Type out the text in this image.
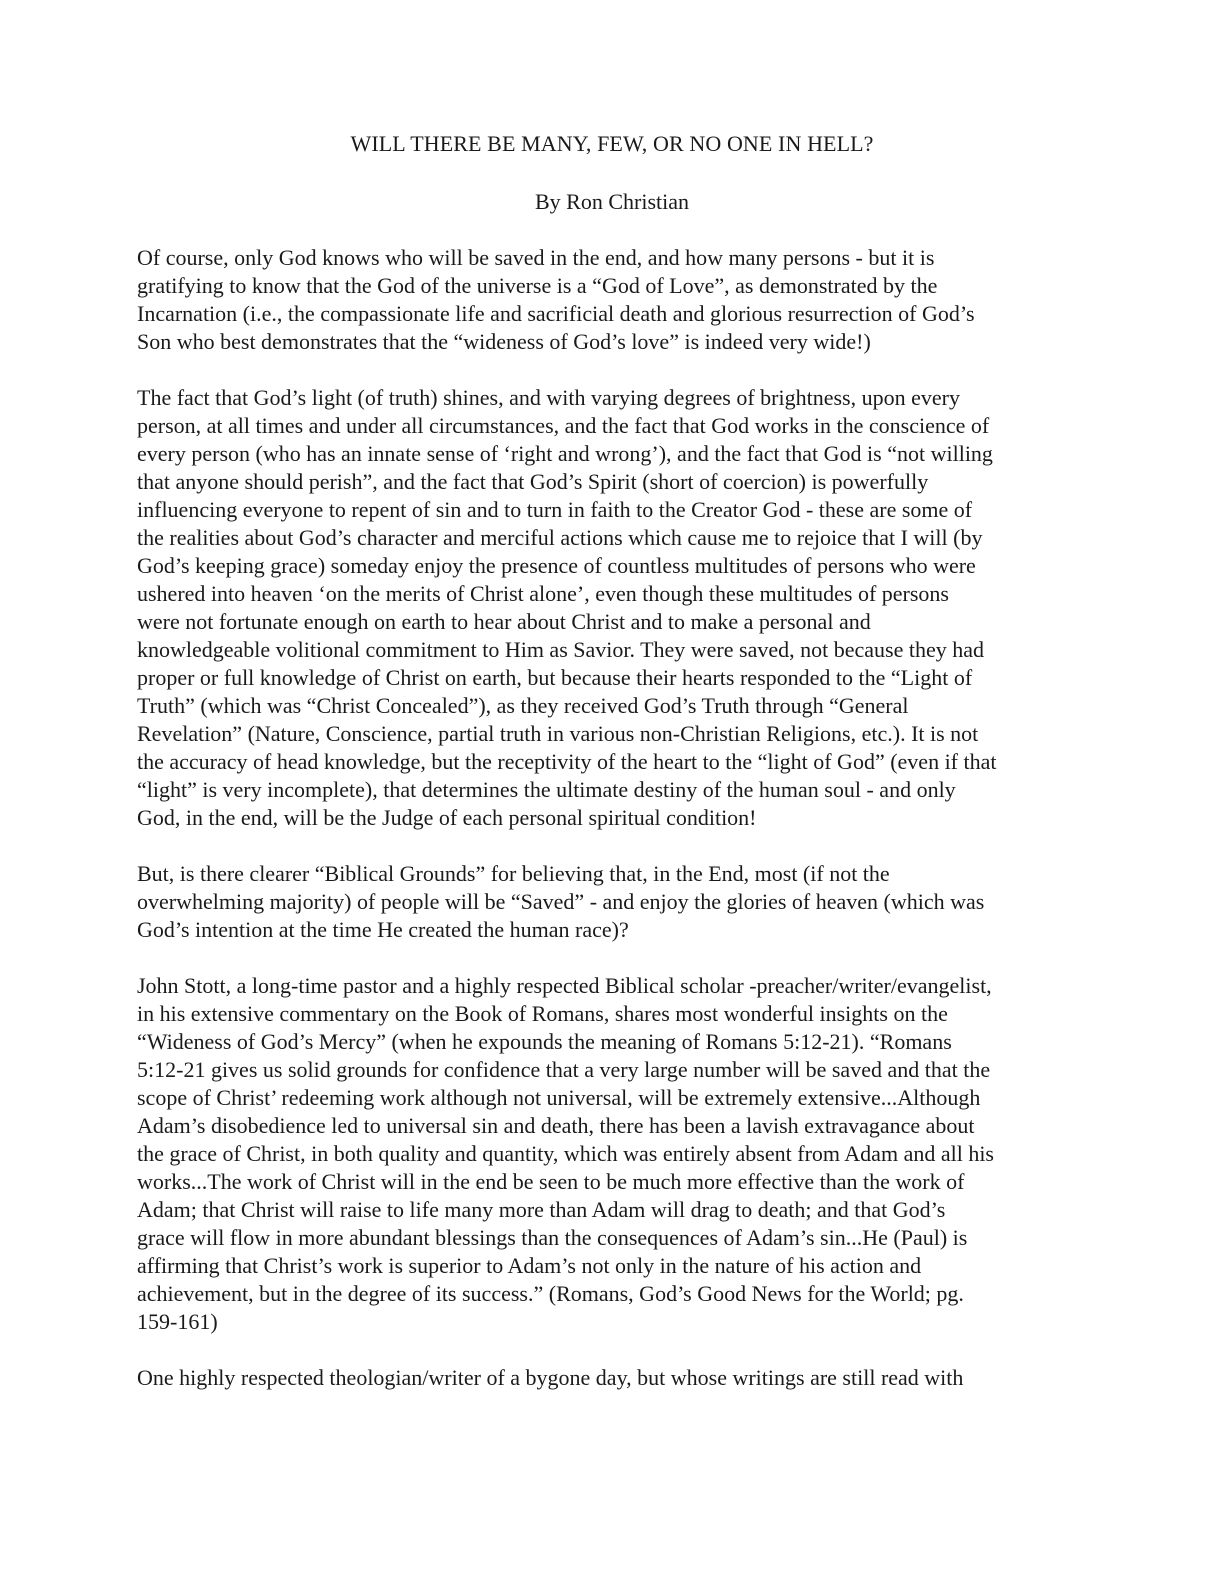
WILL THERE BE MANY, FEW, OR NO ONE IN HELL?
By Ron Christian

Of course, only God knows who will be saved in the end, and how many persons - but it is
gratifying to know that the God of the universe is a “God of Love”, as demonstrated by the
Incarnation (i.e., the compassionate life and sacrificial death and glorious resurrection of God’s
Son who best demonstrates that the “wideness of God’s love” is indeed very wide!)

The fact that God’s light (of truth) shines, and with varying degrees of brightness, upon every
person, at all times and under all circumstances, and the fact that God works in the conscience of
every person (who has an innate sense of ‘right and wrong’), and the fact that God is “not willing
that anyone should perish”, and the fact that God’s Spirit (short of coercion) is powerfully
influencing everyone to repent of sin and to turn in faith to the Creator God - these are some of
the realities about God’s character and merciful actions which cause me to rejoice that I will (by
God’s keeping grace) someday enjoy the presence of countless multitudes of persons who were
ushered into heaven ‘on the merits of Christ alone’, even though these multitudes of persons
were not fortunate enough on earth to hear about Christ and to make a personal and
knowledgeable volitional commitment to Him as Savior. They were saved, not because they had
proper or full knowledge of Christ on earth, but because their hearts responded to the “Light of
Truth” (which was “Christ Concealed”), as they received God’s Truth through “General
Revelation” (Nature, Conscience, partial truth in various non-Christian Religions, etc.). It is not
the accuracy of head knowledge, but the receptivity of the heart to the “light of God” (even if that
“light” is very incomplete), that determines the ultimate destiny of the human soul - and only
God, in the end, will be the Judge of each personal spiritual condition!

But, is there clearer “Biblical Grounds” for believing that, in the End, most (if not the
overwhelming majority) of people will be “Saved” - and enjoy the glories of heaven (which was
God’s intention at the time He created the human race)?

John Stott, a long-time pastor and a highly respected Biblical scholar -preacher/writer/evangelist,
in his extensive commentary on the Book of Romans, shares most wonderful insights on the
“Wideness of God’s Mercy” (when he expounds the meaning of Romans 5:12-21). “Romans
5:12-21 gives us solid grounds for confidence that a very large number will be saved and that the
scope of Christ’ redeeming work although not universal, will be extremely extensive...Although
Adam’s disobedience led to universal sin and death, there has been a lavish extravagance about
the grace of Christ, in both quality and quantity, which was entirely absent from Adam and all his
works...The work of Christ will in the end be seen to be much more effective than the work of
Adam; that Christ will raise to life many more than Adam will drag to death; and that God’s
grace will flow in more abundant blessings than the consequences of Adam’s sin...He (Paul) is
affirming that Christ’s work is superior to Adam’s not only in the nature of his action and
achievement, but in the degree of its success.” (Romans, God’s Good News for the World; pg.
159-161)

One highly respected theologian/writer of a bygone day, but whose writings are still read with
